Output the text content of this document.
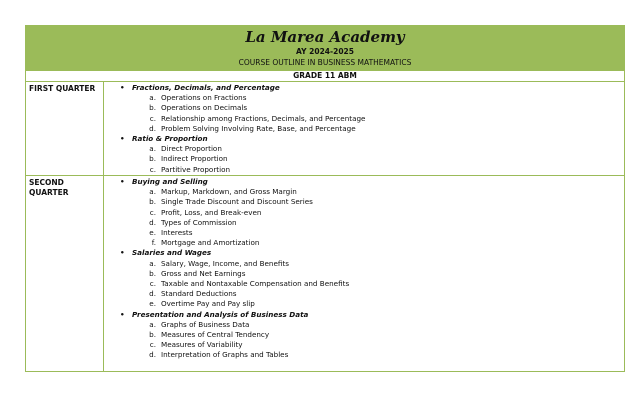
La Marea Academy
AY 2024-2025
COURSE OUTLINE IN BUSINESS MATHEMATICS
GRADE 11 ABM
FIRST QUARTER	• Fractions, Decimals, and Percentage
a. Operations on Fractions
b. Operations on Decimals
c. Relationship among Fractions, Decimals, and Percentage
d. Problem Solving Involving Rate, Base, and Percentage
• Ratio & Proportion
a. Direct Proportion
b. Indirect Proportion
c. Partitive Proportion
SECOND QUARTER
• Buying and Selling
a. Markup, Markdown, and Gross Margin
b. Single Trade Discount and Discount Series
c. Profit, Loss, and Break-even
d. Types of Commission
e. Interests
f. Mortgage and Amortization
• Salaries and Wages
a. Salary, Wage, Income, and Benefits
b. Gross and Net Earnings
c. Taxable and Nontaxable Compensation and Benefits
d. Standard Deductions
e. Overtime Pay and Pay slip
• Presentation and Analysis of Business Data
a. Graphs of Business Data
b. Measures of Central Tendency
c. Measures of Variability
d. Interpretation of Graphs and Tables
